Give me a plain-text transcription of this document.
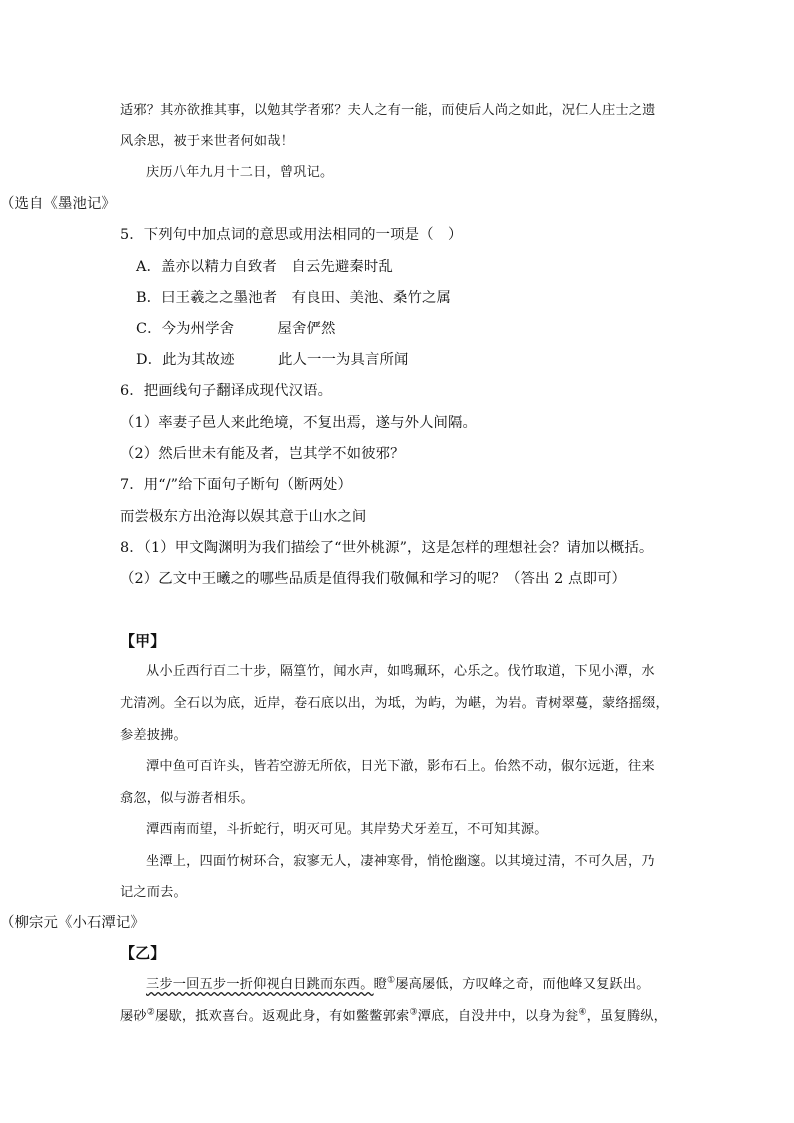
适邪？其亦欲推其事，以勉其学者邪？夫人之有一能，而使后人尚之如此，况仁人庄士之遗
风余思，被于来世者何如哉！
庆历八年九月十二日，曾巩记。
（选自《墨池记》
5．下列句中加点词的意思或用法相同的一项是（　）
A．盖亦以精力自致者　自云先避秦时乱
B．曰王羲之之墨池者　有良田、美池、桑竹之属
C．今为州学舍　　　屋舍俨然
D．此为其故迹　　　此人一一为具言所闻
6．把画线句子翻译成现代汉语。
（1）率妻子邑人来此绝境，不复出焉，遂与外人间隔。
（2）然后世未有能及者，岂其学不如彼邪？
7．用“/”给下面句子断句（断两处）
而尝极东方出沧海以娱其意于山水之间
8．（1）甲文陶渊明为我们描绘了“世外桃源”，这是怎样的理想社会？请加以概括。
（2）乙文中王曦之的哪些品质是值得我们敬佩和学习的呢？（答出 2 点即可）
【甲】
从小丘西行百二十步，隔篁竹，闻水声，如鸣珮环，心乐之。伐竹取道，下见小潭，水
尤清冽。全石以为底，近岸，卷石底以出，为坻，为屿，为嵁，为岩。青树翠蔓，蒙络摇缀，
参差披拂。
潭中鱼可百许头，皆若空游无所依，日光下澈，影布石上。佁然不动，俶尔远逝，往来
翕忽，似与游者相乐。
潭西南而望，斗折蛇行，明灭可见。其岸势犬牙差互，不可知其源。
坐潭上，四面竹树环合，寂寥无人，凄神寒骨，悄怆幽邃。以其境过清，不可久居，乃
记之而去。
（柳宗元《小石潭记》
【乙】
三步一回五步一折仰视白日跳而东西。瞪①屡高屡低，方叹峰之奇，而他峰又复跃出。
屡砂②屡歇，抵欢喜台。返观此身，有如鳖鳖郭索③潭底，自没井中，以身为瓮④，虽复腾纵，
